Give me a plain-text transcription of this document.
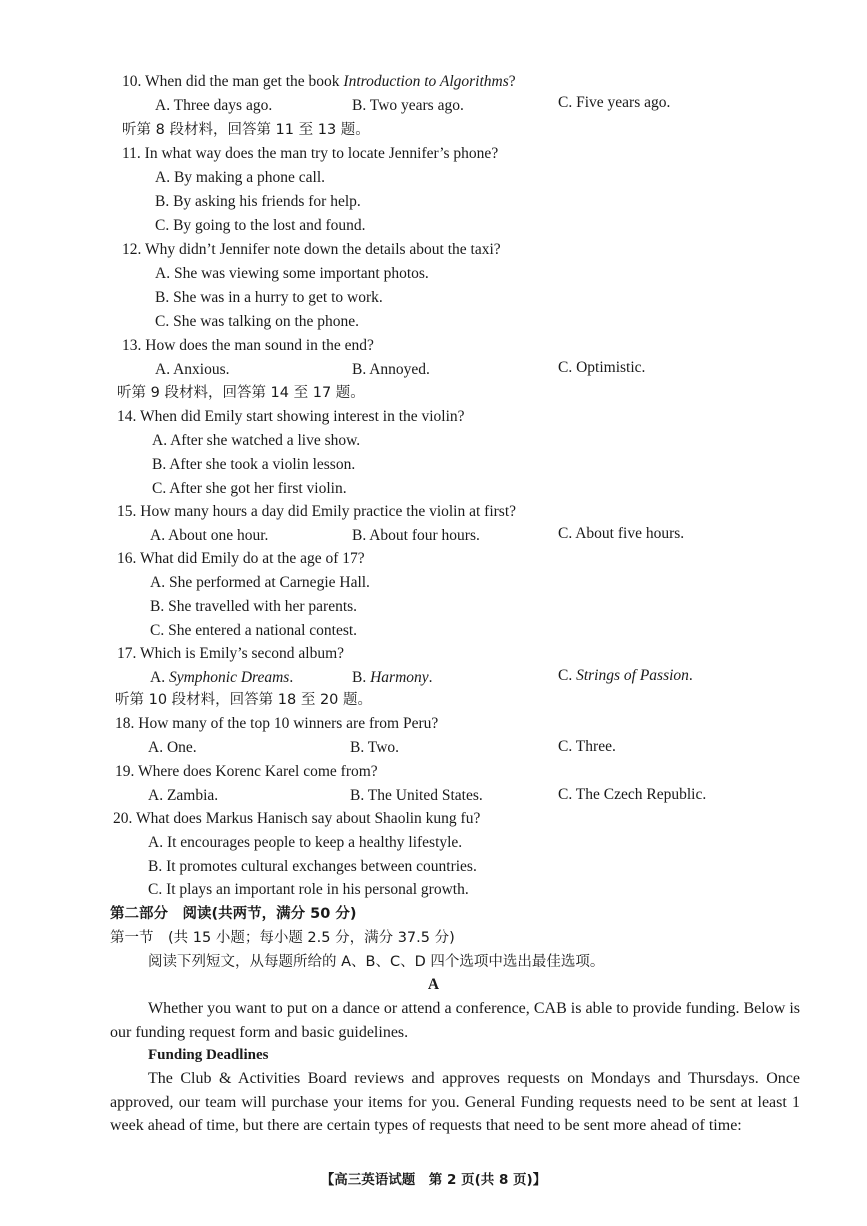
10. When did the man get the book Introduction to Algorithms?
A. Three days ago.	B. Two years ago.	C. Five years ago.
听第 8 段材料，回答第 11 至 13 题。
11. In what way does the man try to locate Jennifer’s phone?
A. By making a phone call.
B. By asking his friends for help.
C. By going to the lost and found.
12. Why didn’t Jennifer note down the details about the taxi?
A. She was viewing some important photos.
B. She was in a hurry to get to work.
C. She was talking on the phone.
13. How does the man sound in the end?
A. Anxious.	B. Annoyed.	C. Optimistic.
听第 9 段材料，回答第 14 至 17 题。
14. When did Emily start showing interest in the violin?
A. After she watched a live show.
B. After she took a violin lesson.
C. After she got her first violin.
15. How many hours a day did Emily practice the violin at first?
A. About one hour.	B. About four hours.	C. About five hours.
16. What did Emily do at the age of 17?
A. She performed at Carnegie Hall.
B. She travelled with her parents.
C. She entered a national contest.
17. Which is Emily’s second album?
A. Symphonic Dreams.	B. Harmony.	C. Strings of Passion.
听第 10 段材料，回答第 18 至 20 题。
18. How many of the top 10 winners are from Peru?
A. One.	B. Two.	C. Three.
19. Where does Korenc Karel come from?
A. Zambia.	B. The United States.	C. The Czech Republic.
20. What does Markus Hanisch say about Shaolin kung fu?
A. It encourages people to keep a healthy lifestyle.
B. It promotes cultural exchanges between countries.
C. It plays an important role in his personal growth.
第二部分　阅读(共两节，满分 50 分)
第一节　(共 15 小题；每小题 2.5 分，满分 37.5 分)
阅读下列短文，从每题所给的 A、B、C、D 四个选项中选出最佳选项。
A
Whether you want to put on a dance or attend a conference, CAB is able to provide funding. Below is our funding request form and basic guidelines.
Funding Deadlines
The Club & Activities Board reviews and approves requests on Mondays and Thursdays. Once approved, our team will purchase your items for you. General Funding requests need to be sent at least 1 week ahead of time, but there are certain types of requests that need to be sent more ahead of time:
【高三英语试题　第 2 页(共 8 页)】
